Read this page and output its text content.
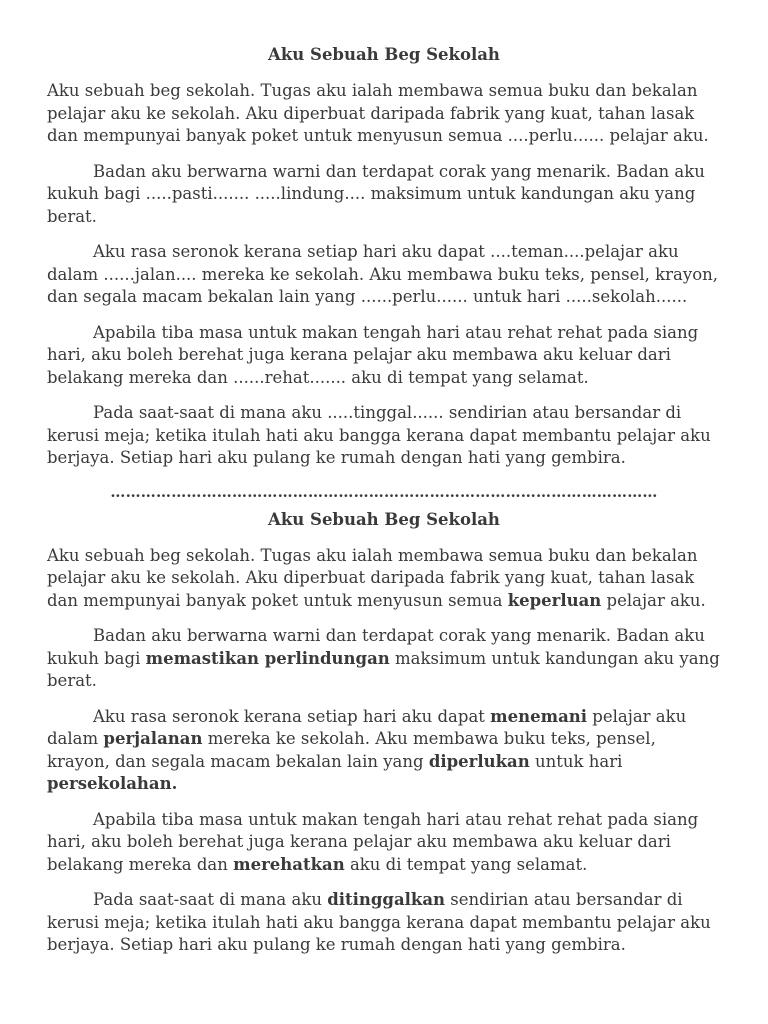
Aku Sebuah Beg Sekolah

Aku sebuah beg sekolah. Tugas aku ialah membawa semua buku dan bekalan pelajar aku ke sekolah. Aku diperbuat daripada fabrik yang kuat, tahan lasak dan mempunyai banyak poket untuk menyusun semua ....perlu...... pelajar aku.

Badan aku berwarna warni dan terdapat corak yang menarik. Badan aku kukuh bagi .....pasti....... .....lindung.... maksimum untuk kandungan aku yang berat.

Aku rasa seronok kerana setiap hari aku dapat ....teman....pelajar aku dalam ......jalan.... mereka ke sekolah. Aku membawa buku teks, pensel, krayon, dan segala macam bekalan lain yang ......perlu...... untuk hari .....sekolah......

Apabila tiba masa untuk makan tengah hari atau rehat rehat pada siang hari, aku boleh berehat juga kerana pelajar aku membawa aku keluar dari belakang mereka dan ......rehat....... aku di tempat yang selamat.

Pada saat-saat di mana aku .....tinggal...... sendirian atau bersandar di kerusi meja; ketika itulah hati aku bangga kerana dapat membantu pelajar aku berjaya. Setiap hari aku pulang ke rumah dengan hati yang gembira.

………………………………………………………………………………………………
Aku Sebuah Beg Sekolah

Aku sebuah beg sekolah. Tugas aku ialah membawa semua buku dan bekalan pelajar aku ke sekolah. Aku diperbuat daripada fabrik yang kuat, tahan lasak dan mempunyai banyak poket untuk menyusun semua keperluan pelajar aku.

Badan aku berwarna warni dan terdapat corak yang menarik. Badan aku kukuh bagi memastikan perlindungan maksimum untuk kandungan aku yang berat.

Aku rasa seronok kerana setiap hari aku dapat menemani pelajar aku dalam perjalanan mereka ke sekolah. Aku membawa buku teks, pensel, krayon, dan segala macam bekalan lain yang diperlukan untuk hari persekolahan.

Apabila tiba masa untuk makan tengah hari atau rehat rehat pada siang hari, aku boleh berehat juga kerana pelajar aku membawa aku keluar dari belakang mereka dan merehatkan aku di tempat yang selamat.

Pada saat-saat di mana aku ditinggalkan sendirian atau bersandar di kerusi meja; ketika itulah hati aku bangga kerana dapat membantu pelajar aku berjaya. Setiap hari aku pulang ke rumah dengan hati yang gembira.
